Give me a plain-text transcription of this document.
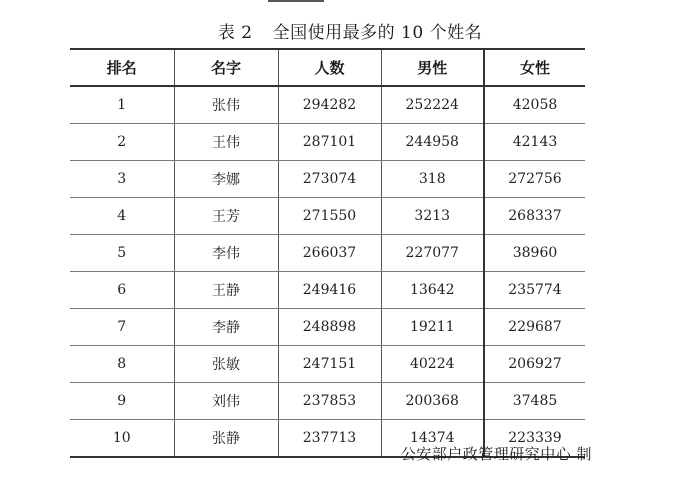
表 2 全国使用最多的 10 个姓名
排名	名字	人数	男性	女性
1	张伟	294282	252224	42058
2	王伟	287101	244958	42143
3	李娜	273074	318	272756
4	王芳	271550	3213	268337
5	李伟	266037	227077	38960
6	王静	249416	13642	235774
7	李静	248898	19211	229687
8	张敏	247151	40224	206927
9	刘伟	237853	200368	37485
10	张静	237713	14374	223339
公安部户政管理研究中心 制
